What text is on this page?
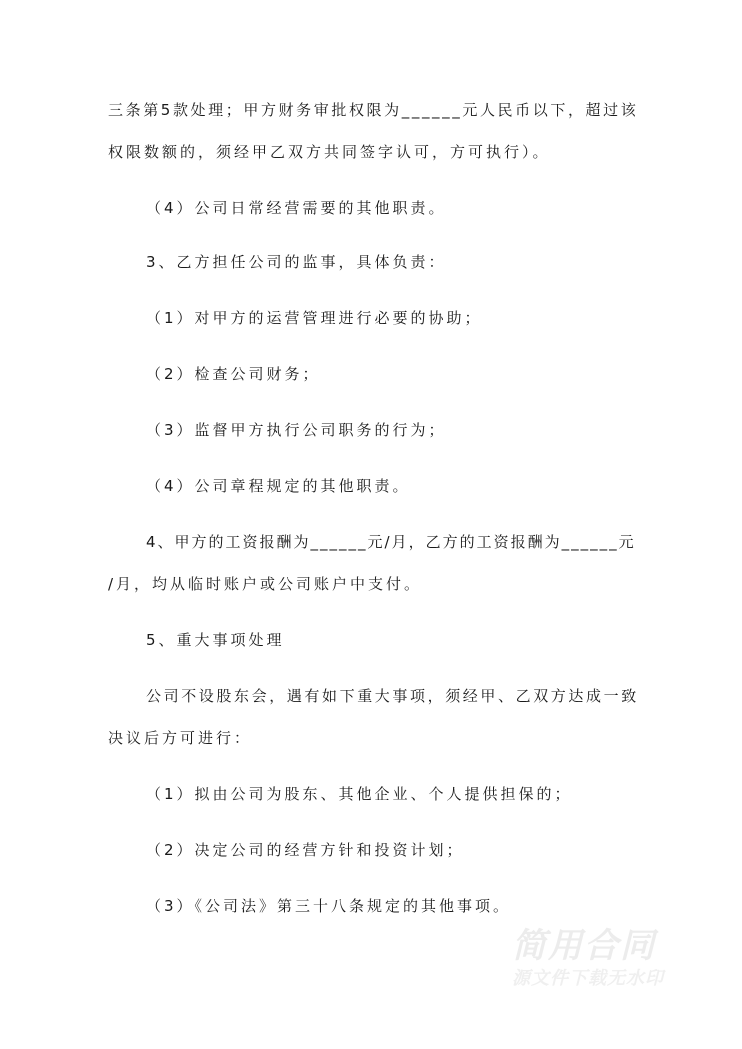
三条第5款处理；甲方财务审批权限为______元人民币以下，超过该
权限数额的，须经甲乙双方共同签字认可，方可执行）。
（4）公司日常经营需要的其他职责。
3、乙方担任公司的监事，具体负责：
（1）对甲方的运营管理进行必要的协助；
（2）检查公司财务；
（3）监督甲方执行公司职务的行为；
（4）公司章程规定的其他职责。
4、甲方的工资报酬为______元/月，乙方的工资报酬为______元
/月，均从临时账户或公司账户中支付。
5、重大事项处理
公司不设股东会，遇有如下重大事项，须经甲、乙双方达成一致
决议后方可进行：
（1）拟由公司为股东、其他企业、个人提供担保的；
（2）决定公司的经营方针和投资计划；
（3）《公司法》第三十八条规定的其他事项。
简用合同
源文件下载无水印
